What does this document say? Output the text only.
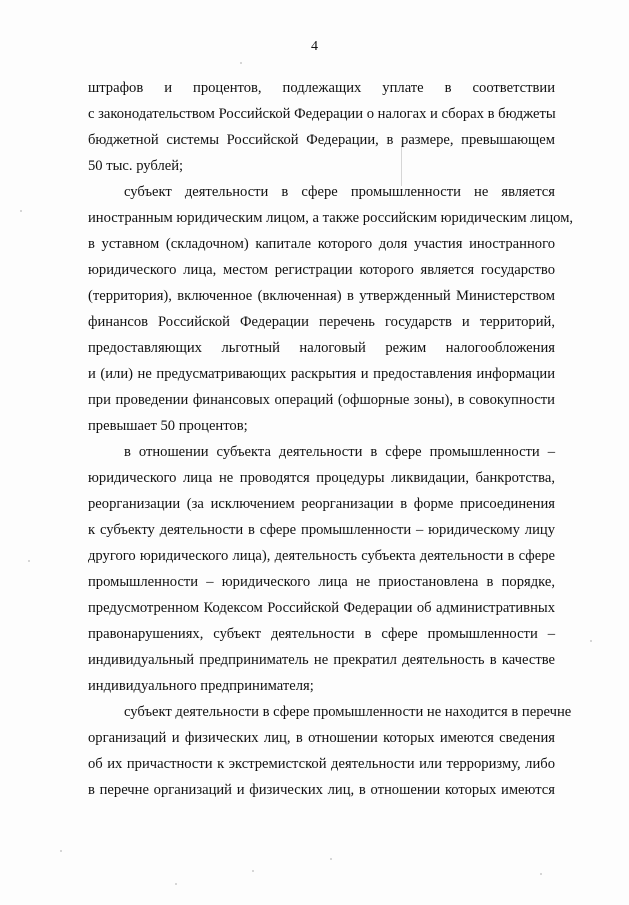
4
штрафов и процентов, подлежащих уплате в соответствии
с законодательством Российской Федерации о налогах и сборах в бюджеты
бюджетной системы Российской Федерации, в размере, превышающем
50 тыс. рублей;
субъект деятельности в сфере промышленности не является
иностранным юридическим лицом, а также российским юридическим лицом,
в уставном (складочном) капитале которого доля участия иностранного
юридического лица, местом регистрации которого является государство
(территория), включенное (включенная) в утвержденный Министерством
финансов Российской Федерации перечень государств и территорий,
предоставляющих льготный налоговый режим налогообложения
и (или) не предусматривающих раскрытия и предоставления информации
при проведении финансовых операций (офшорные зоны), в совокупности
превышает 50 процентов;
в отношении субъекта деятельности в сфере промышленности –
юридического лица не проводятся процедуры ликвидации, банкротства,
реорганизации (за исключением реорганизации в форме присоединения
к субъекту деятельности в сфере промышленности – юридическому лицу
другого юридического лица), деятельность субъекта деятельности в сфере
промышленности – юридического лица не приостановлена в порядке,
предусмотренном Кодексом Российской Федерации об административных
правонарушениях, субъект деятельности в сфере промышленности –
индивидуальный предприниматель не прекратил деятельность в качестве
индивидуального предпринимателя;
субъект деятельности в сфере промышленности не находится в перечне
организаций и физических лиц, в отношении которых имеются сведения
об их причастности к экстремистской деятельности или терроризму, либо
в перечне организаций и физических лиц, в отношении которых имеются
